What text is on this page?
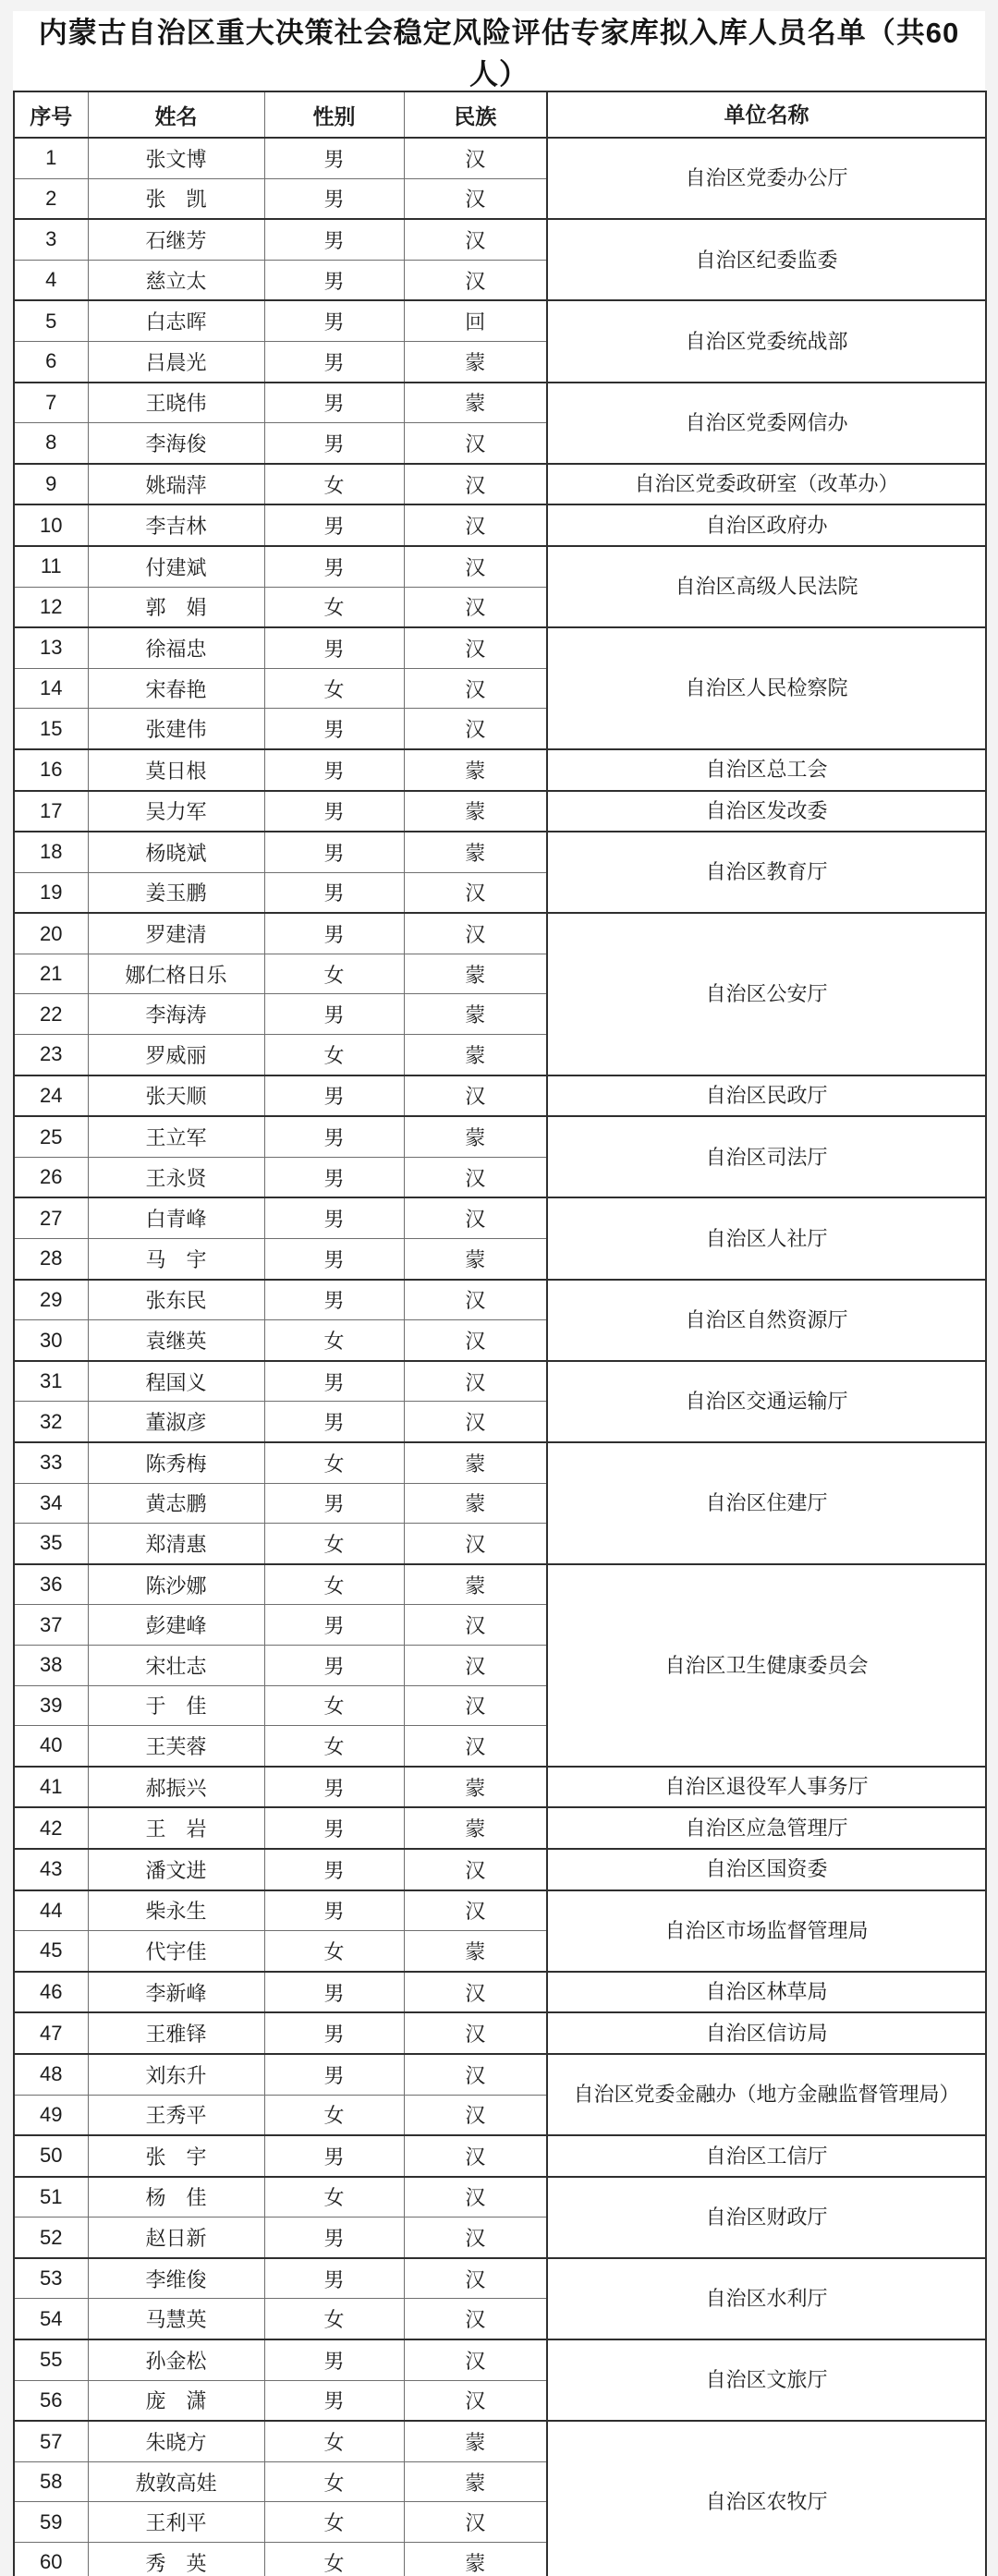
内蒙古自治区重大决策社会稳定风险评估专家库拟入库人员名单（共60人）
序号	姓名	性别	民族	单位名称
1	张文博	男	汉	自治区党委办公厅
2	张　凯	男	汉	
3	石继芳	男	汉	自治区纪委监委
4	慈立太	男	汉	
5	白志晖	男	回	自治区党委统战部
6	吕晨光	男	蒙	
7	王晓伟	男	蒙	自治区党委网信办
8	李海俊	男	汉	
9	姚瑞萍	女	汉	自治区党委政研室（改革办）
10	李吉林	男	汉	自治区政府办
11	付建斌	男	汉	自治区高级人民法院
12	郭　娟	女	汉	
13	徐福忠	男	汉	自治区人民检察院
14	宋春艳	女	汉	
15	张建伟	男	汉	
16	莫日根	男	蒙	自治区总工会
17	吴力军	男	蒙	自治区发改委
18	杨晓斌	男	蒙	自治区教育厅
19	姜玉鹏	男	汉	
20	罗建清	男	汉	自治区公安厅
21	娜仁格日乐	女	蒙	
22	李海涛	男	蒙	
23	罗威丽	女	蒙	
24	张天顺	男	汉	自治区民政厅
25	王立军	男	蒙	自治区司法厅
26	王永贤	男	汉	
27	白青峰	男	汉	自治区人社厅
28	马　宇	男	蒙	
29	张东民	男	汉	自治区自然资源厅
30	袁继英	女	汉	
31	程国义	男	汉	自治区交通运输厅
32	董淑彦	男	汉	
33	陈秀梅	女	蒙	自治区住建厅
34	黄志鹏	男	蒙	
35	郑清惠	女	汉	
36	陈沙娜	女	蒙	自治区卫生健康委员会
37	彭建峰	男	汉	
38	宋壮志	男	汉	
39	于　佳	女	汉	
40	王芙蓉	女	汉	
41	郝振兴	男	蒙	自治区退役军人事务厅
42	王　岩	男	蒙	自治区应急管理厅
43	潘文进	男	汉	自治区国资委
44	柴永生	男	汉	自治区市场监督管理局
45	代宇佳	女	蒙	
46	李新峰	男	汉	自治区林草局
47	王雅铎	男	汉	自治区信访局
48	刘东升	男	汉	自治区党委金融办（地方金融监督管理局）
49	王秀平	女	汉	
50	张　宇	男	汉	自治区工信厅
51	杨　佳	女	汉	自治区财政厅
52	赵日新	男	汉	
53	李维俊	男	汉	自治区水利厅
54	马慧英	女	汉	
55	孙金松	男	汉	自治区文旅厅
56	庞　潇	男	汉	
57	朱晓方	女	蒙	自治区农牧厅
58	敖敦高娃	女	蒙	
59	王利平	女	汉	
60	秀　英	女	蒙	
